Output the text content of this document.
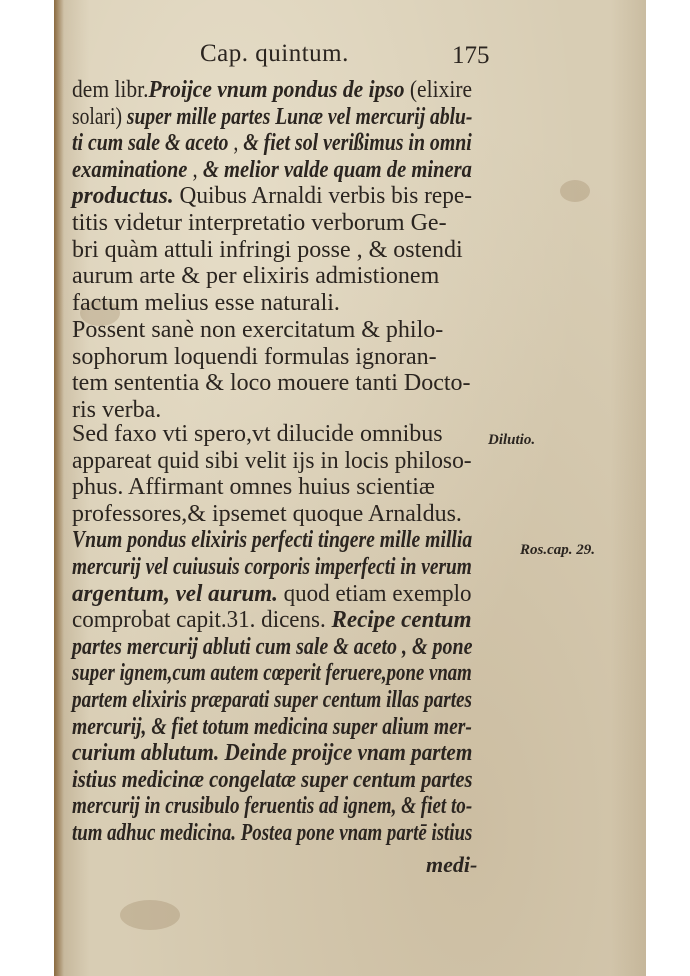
Cap. quintum.	175
dem libr.Proijce vnum pondus de ipso (elixire
solari) super mille partes Lunæ vel mercurij ablu-
ti cum sale & aceto , & fiet sol verißimus in omni
examinatione , & melior valde quam de minera
productus. Quibus Arnaldi verbis bis repe-
titis videtur interpretatio verborum Ge-
bri quàm attuli infringi posse , & ostendi
aurum arte & per elixiris admistionem
factum melius esse naturali.
Possent sanè non exercitatum & philo-
sophorum loquendi formulas ignoran-
tem sententia & loco mouere tanti Docto-
ris verba.
Sed faxo vti spero,vt dilucide omnibus
appareat quid sibi velit ijs in locis philoso-
phus. Affirmant omnes huius scientiæ
professores,& ipsemet quoque Arnaldus.
Vnum pondus elixiris perfecti tingere mille millia
mercurij vel cuiusuis corporis imperfecti in verum
argentum, vel aurum. quod etiam exemplo
comprobat capit.31. dicens. Recipe centum
partes mercurij abluti cum sale & aceto , & pone
super ignem,cum autem cœperit feruere,pone vnam
partem elixiris præparati super centum illas partes
mercurij, & fiet totum medicina super alium mer-
curium ablutum. Deinde proijce vnam partem
istius medicinæ congelatæ super centum partes
mercurij in crusibulo feruentis ad ignem, & fiet to-
tum adhuc medicina. Postea pone vnam partē istius
Dilutio.
Ros.cap. 29.
medi-
